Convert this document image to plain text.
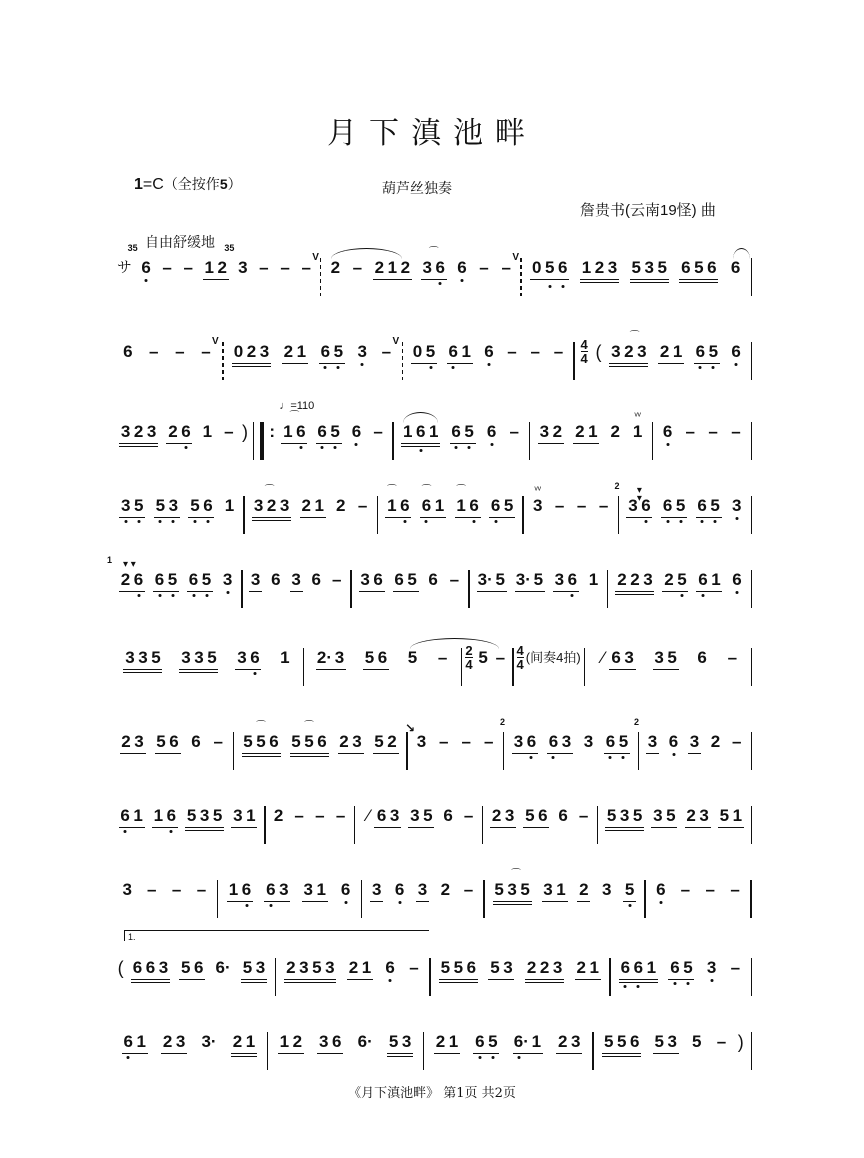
月下滇池畔
1=C（全按作5）	葫芦丝独奏
詹贵书(云南19怪) 曲
自由舒缓地
サ
35
6 – – 1 2
35
3 – – –
V
2 – 2 1 2
⌒
3 6 6 – –
V
0 5 6 1 2 3 5 3 5 6 5 6 6
6 – – –
V
0 2 3 2 1 6 5 3 –
V
0 5 6 1 6 – – –	4
4 (
⌒
3 2 3 2 1 6 5 6
3 2 3 2 6 1 – ) :
♩=110
⌒
1 6 6 5 6 – 1 6 1 6 5 6 – 3 2 2 1 2
ᵛᵛ
1 6 – – –
3 5 5 3 5 6 1
⌒
3 2 3 2 1 2 –
⌒
1 6
⌒
6 1
⌒
1 6 6 5
ᵛᵛ
3 – – –
2 ▾ ▾
3 6 6 5 6 5 3
1 ▾ ▾
2 6 6 5 6 5 3 3 6 3 6 – 3 6 6 5 6 – 3· 5 3· 5 3 6 1 2 2 3 2 5 6 1 6
3 3 5 3 3 5 3 6 1 2· 3 5 6 5 –	2
4 5 – 4
4 (间奏4拍) ⁄ 6 3 3 5 6 –
2 3 5 6 6 –
⌒
5 5 6
⌒
5 5 6 2 3 5 2
↘
3 – – –
2
3 6 6 3 3 6 5
2
3 6 3 2 –
6 1 1 6 5 3 5 3 1 2 – – – ⁄ 6 3 3 5 6 – 2 3 5 6 6 – 5 3 5 3 5 2 3 5 1
3 – – – 1 6 6 3 3 1 6 3 6 3 2 –
⌒
5 3 5 3 1 2 3 5 6 – – –
1.
( 6 6 3 5 6 6· 5 3 2 3 5 3 2 1 6 – 5 5 6 5 3 2 2 3 2 1 6 6 1 6 5 3 –
6 1 2 3 3· 2 1 1 2 3 6 6· 5 3 2 1 6 5 6· 1 2 3 5 5 6 5 3 5 – )
《月下滇池畔》 第1页 共2页
